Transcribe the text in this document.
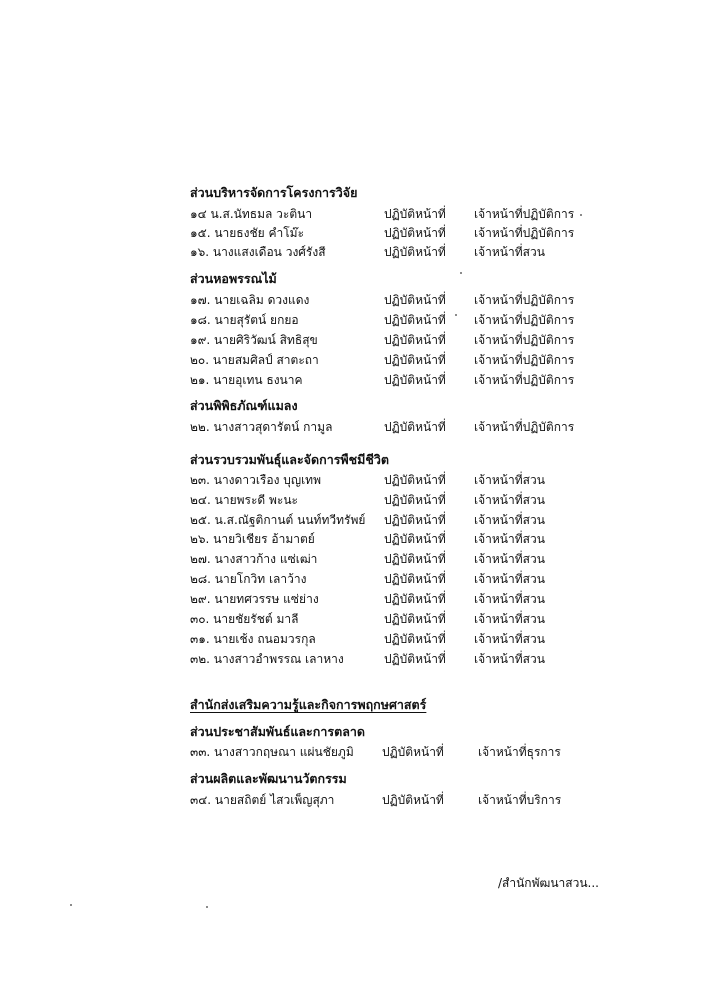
ส่วนบริหารจัดการโครงการวิจัย
๑๔ น.ส.นัทธมล วะตินา	ปฏิบัติหน้าที่ เจ้าหน้าที่ปฏิบัติการ
๑๕. นายธงชัย คำโม๊ะ	ปฏิบัติหน้าที่ เจ้าหน้าที่ปฏิบัติการ
๑๖. นางแสงเดือน วงศ์รังสี	ปฏิบัติหน้าที่ เจ้าหน้าที่สวน
ส่วนหอพรรณไม้
๑๗. นายเฉลิม ดวงแดง	ปฏิบัติหน้าที่ เจ้าหน้าที่ปฏิบัติการ
๑๘. นายสุรัตน์ ยกยอ	ปฏิบัติหน้าที่ เจ้าหน้าที่ปฏิบัติการ
๑๙. นายศิริวัฒน์ สิทธิสุข	ปฏิบัติหน้าที่ เจ้าหน้าที่ปฏิบัติการ
๒๐. นายสมศิลป์ สาตะถา	ปฏิบัติหน้าที่ เจ้าหน้าที่ปฏิบัติการ
๒๑. นายอุเทน ธงนาค	ปฏิบัติหน้าที่ เจ้าหน้าที่ปฏิบัติการ
ส่วนพิพิธภัณฑ์แมลง
๒๒. นางสาวสุดารัตน์ กามูล	ปฏิบัติหน้าที่ เจ้าหน้าที่ปฏิบัติการ
ส่วนรวบรวมพันธุ์และจัดการพืชมีชีวิต
๒๓. นางดาวเรือง บุญเทพ	ปฏิบัติหน้าที่ เจ้าหน้าที่สวน
๒๔. นายพระดี พะนะ	ปฏิบัติหน้าที่ เจ้าหน้าที่สวน
๒๕. น.ส.ณัฐติกานต์ นนท์ทวีทรัพย์ ปฏิบัติหน้าที่ เจ้าหน้าที่สวน
๒๖. นายวิเชียร อ้ามาตย์	ปฏิบัติหน้าที่ เจ้าหน้าที่สวน
๒๗. นางสาวก้าง แซ่เฒ่า	ปฏิบัติหน้าที่ เจ้าหน้าที่สวน
๒๘. นายโกวิท เลาว้าง	ปฏิบัติหน้าที่ เจ้าหน้าที่สวน
๒๙. นายทศวรรษ แซ่ย่าง	ปฏิบัติหน้าที่ เจ้าหน้าที่สวน
๓๐. นายชัยรัชต์ มาลี	ปฏิบัติหน้าที่ เจ้าหน้าที่สวน
๓๑. นายเช้ง ถนอมวรกุล	ปฏิบัติหน้าที่ เจ้าหน้าที่สวน
๓๒. นางสาวอำพรรณ เลาหาง	ปฏิบัติหน้าที่ เจ้าหน้าที่สวน
สำนักส่งเสริมความรู้และกิจการพฤกษศาสตร์
ส่วนประชาสัมพันธ์และการตลาด
๓๓. นางสาวกฤษณา แผ่นชัยภูมิ ปฏิบัติหน้าที่	เจ้าหน้าที่ธุรการ
ส่วนผลิตและพัฒนานวัตกรรม
๓๔. นายสถิตย์ ไสวเพ็ญสุภา	ปฏิบัติหน้าที่	เจ้าหน้าที่บริการ
/สำนักพัฒนาสวน...
